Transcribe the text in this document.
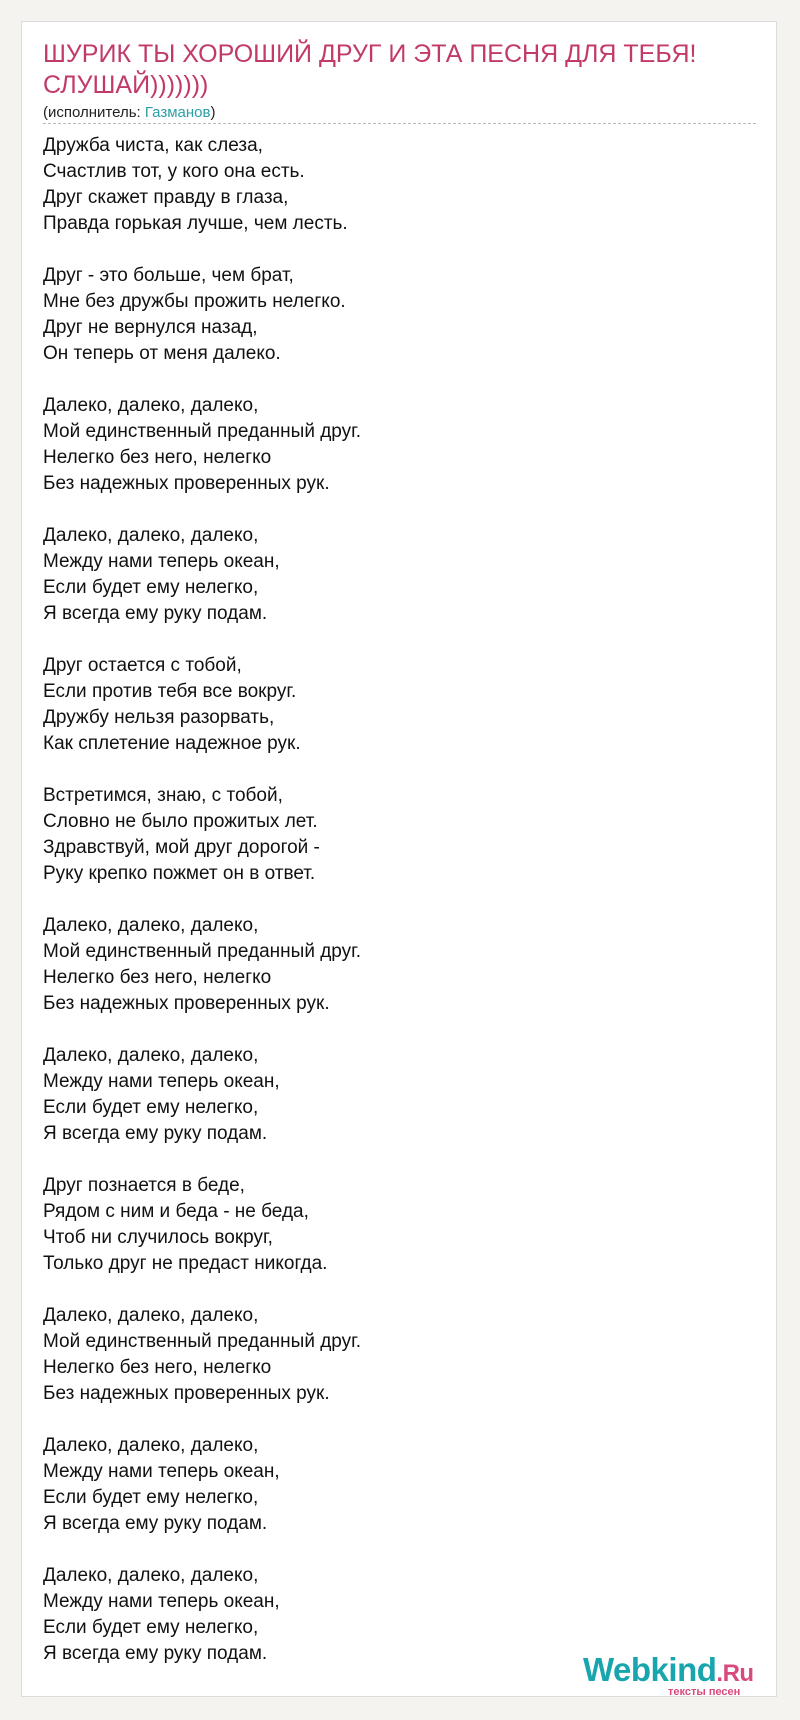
ШУРИК ТЫ ХОРОШИЙ ДРУГ И ЭТА ПЕСНЯ ДЛЯ ТЕБЯ!СЛУШАЙ)))))))
(исполнитель: Газманов)
Дружба чиста, как слеза,
Счастлив тот, у кого она есть.
Друг скажет правду в глаза,
Правда горькая лучше, чем лесть.
Друг - это больше, чем брат,
Мне без дружбы прожить нелегко.
Друг не вернулся назад,
Он теперь от меня далеко.
Далеко, далеко, далеко,
Мой единственный преданный друг.
Нелегко без него, нелегко
Без надежных проверенных рук.
Далеко, далеко, далеко,
Между нами теперь океан,
Если будет ему нелегко,
Я всегда ему руку подам.
Друг остается с тобой,
Если против тебя все вокруг.
Дружбу нельзя разорвать,
Как сплетение надежное рук.
Встретимся, знаю, с тобой,
Словно не было прожитых лет.
Здравствуй, мой друг дорогой -
Руку крепко пожмет он в ответ.
Далеко, далеко, далеко,
Мой единственный преданный друг.
Нелегко без него, нелегко
Без надежных проверенных рук.
Далеко, далеко, далеко,
Между нами теперь океан,
Если будет ему нелегко,
Я всегда ему руку подам.
Друг познается в беде,
Рядом с ним и беда - не беда,
Чтоб ни случилось вокруг,
Только друг не предаст никогда.
Далеко, далеко, далеко,
Мой единственный преданный друг.
Нелегко без него, нелегко
Без надежных проверенных рук.
Далеко, далеко, далеко,
Между нами теперь океан,
Если будет ему нелегко,
Я всегда ему руку подам.
Далеко, далеко, далеко,
Между нами теперь океан,
Если будет ему нелегко,
Я всегда ему руку подам.	Webkind.Ru
тексты песен
